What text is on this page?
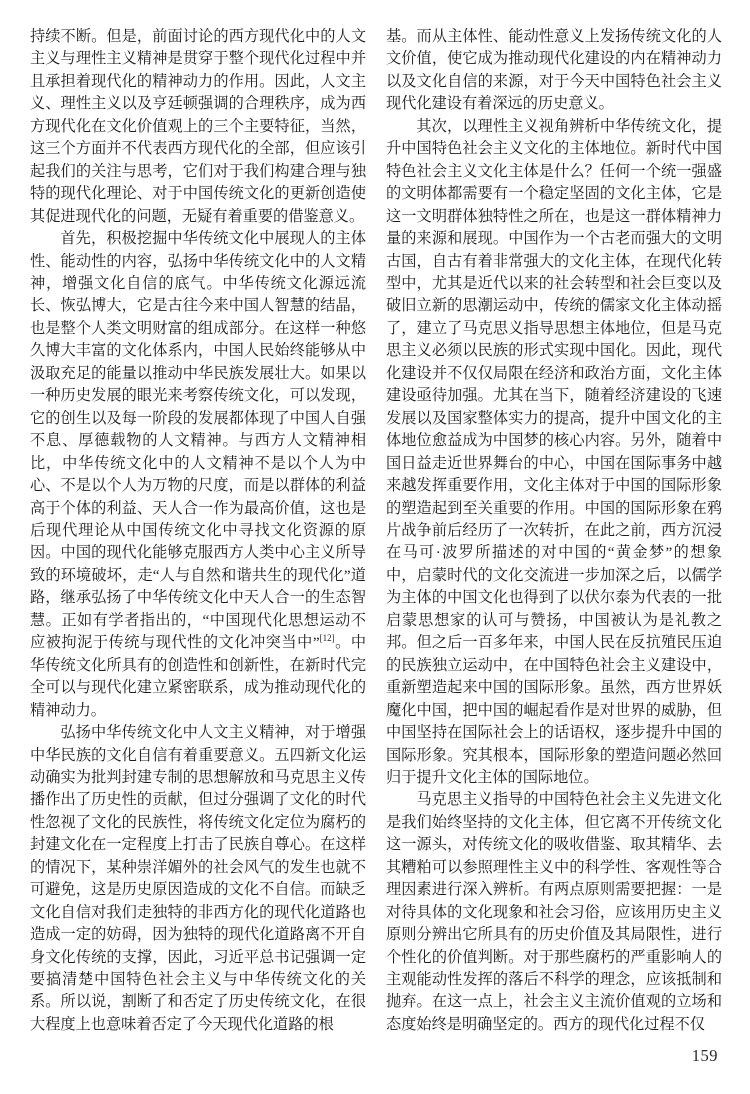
持续不断。但是，前面讨论的西方现代化中的人文主义与理性主义精神是贯穿于整个现代化过程中并且承担着现代化的精神动力的作用。因此，人文主义、理性主义以及亨廷顿强调的合理秩序，成为西方现代化在文化价值观上的三个主要特征，当然，这三个方面并不代表西方现代化的全部，但应该引起我们的关注与思考，它们对于我们构建合理与独特的现代化理论、对于中国传统文化的更新创造使其促进现代化的问题，无疑有着重要的借鉴意义。

首先，积极挖掘中华传统文化中展现人的主体性、能动性的内容，弘扬中华传统文化中的人文精神，增强文化自信的底气。中华传统文化源远流长、恢弘博大，它是古往今来中国人智慧的结晶，也是整个人类文明财富的组成部分。在这样一种悠久博大丰富的文化体系内，中国人民始终能够从中汲取充足的能量以推动中华民族发展壮大。如果以一种历史发展的眼光来考察传统文化，可以发现，它的创生以及每一阶段的发展都体现了中国人自强不息、厚德载物的人文精神。与西方人文精神相比，中华传统文化中的人文精神不是以个人为中心、不是以个人为万物的尺度，而是以群体的利益高于个体的利益、天人合一作为最高价值，这也是后现代理论从中国传统文化中寻找文化资源的原因。中国的现代化能够克服西方人类中心主义所导致的环境破坏，走“人与自然和谐共生的现代化”道路，继承弘扬了中华传统文化中天人合一的生态智慧。正如有学者指出的，“中国现代化思想运动不应被拘泥于传统与现代性的文化冲突当中”[12]。中华传统文化所具有的创造性和创新性，在新时代完全可以与现代化建立紧密联系，成为推动现代化的精神动力。

弘扬中华传统文化中人文主义精神，对于增强中华民族的文化自信有着重要意义。五四新文化运动确实为批判封建专制的思想解放和马克思主义传播作出了历史性的贡献，但过分强调了文化的时代性忽视了文化的民族性，将传统文化定位为腐朽的封建文化在一定程度上打击了民族自尊心。在这样的情况下，某种崇洋媚外的社会风气的发生也就不可避免，这是历史原因造成的文化不自信。而缺乏文化自信对我们走独特的非西方化的现代化道路也造成一定的妨碍，因为独特的现代化道路离不开自身文化传统的支撑，因此，习近平总书记强调一定要搞清楚中国特色社会主义与中华传统文化的关系。所以说，割断了和否定了历史传统文化，在很大程度上也意味着否定了今天现代化道路的根

基。而从主体性、能动性意义上发扬传统文化的人文价值，使它成为推动现代化建设的内在精神动力以及文化自信的来源，对于今天中国特色社会主义现代化建设有着深远的历史意义。

其次，以理性主义视角辨析中华传统文化，提升中国特色社会主义文化的主体地位。新时代中国特色社会主义文化主体是什么？任何一个统一强盛的文明体都需要有一个稳定坚固的文化主体，它是这一文明群体独特性之所在，也是这一群体精神力量的来源和展现。中国作为一个古老而强大的文明古国，自古有着非常强大的文化主体，在现代化转型中，尤其是近代以来的社会转型和社会巨变以及破旧立新的思潮运动中，传统的儒家文化主体动摇了，建立了马克思义指导思想主体地位，但是马克思主义必须以民族的形式实现中国化。因此，现代化建设并不仅仅局限在经济和政治方面，文化主体建设亟待加强。尤其在当下，随着经济建设的飞速发展以及国家整体实力的提高，提升中国文化的主体地位愈益成为中国梦的核心内容。另外，随着中国日益走近世界舞台的中心，中国在国际事务中越来越发挥重要作用，文化主体对于中国的国际形象的塑造起到至关重要的作用。中国的国际形象在鸦片战争前后经历了一次转折，在此之前，西方沉浸在马可·波罗所描述的对中国的“黄金梦”的想象中，启蒙时代的文化交流进一步加深之后，以儒学为主体的中国文化也得到了以伏尔泰为代表的一批启蒙思想家的认可与赞扬，中国被认为是礼教之邦。但之后一百多年来，中国人民在反抗殖民压迫的民族独立运动中，在中国特色社会主义建设中，重新塑造起来中国的国际形象。虽然，西方世界妖魔化中国，把中国的崛起看作是对世界的威胁，但中国坚持在国际社会上的话语权，逐步提升中国的国际形象。究其根本，国际形象的塑造问题必然回归于提升文化主体的国际地位。

马克思主义指导的中国特色社会主义先进文化是我们始终坚持的文化主体，但它离不开传统文化这一源头，对传统文化的吸收借鉴、取其精华、去其糟粕可以参照理性主义中的科学性、客观性等合理因素进行深入辨析。有两点原则需要把握：一是对待具体的文化现象和社会习俗，应该用历史主义原则分辨出它所具有的历史价值及其局限性，进行个性化的价值判断。对于那些腐朽的严重影响人的主观能动性发挥的落后不科学的理念，应该抵制和抛弃。在这一点上，社会主义主流价值观的立场和态度始终是明确坚定的。西方的现代化过程不仅

159
